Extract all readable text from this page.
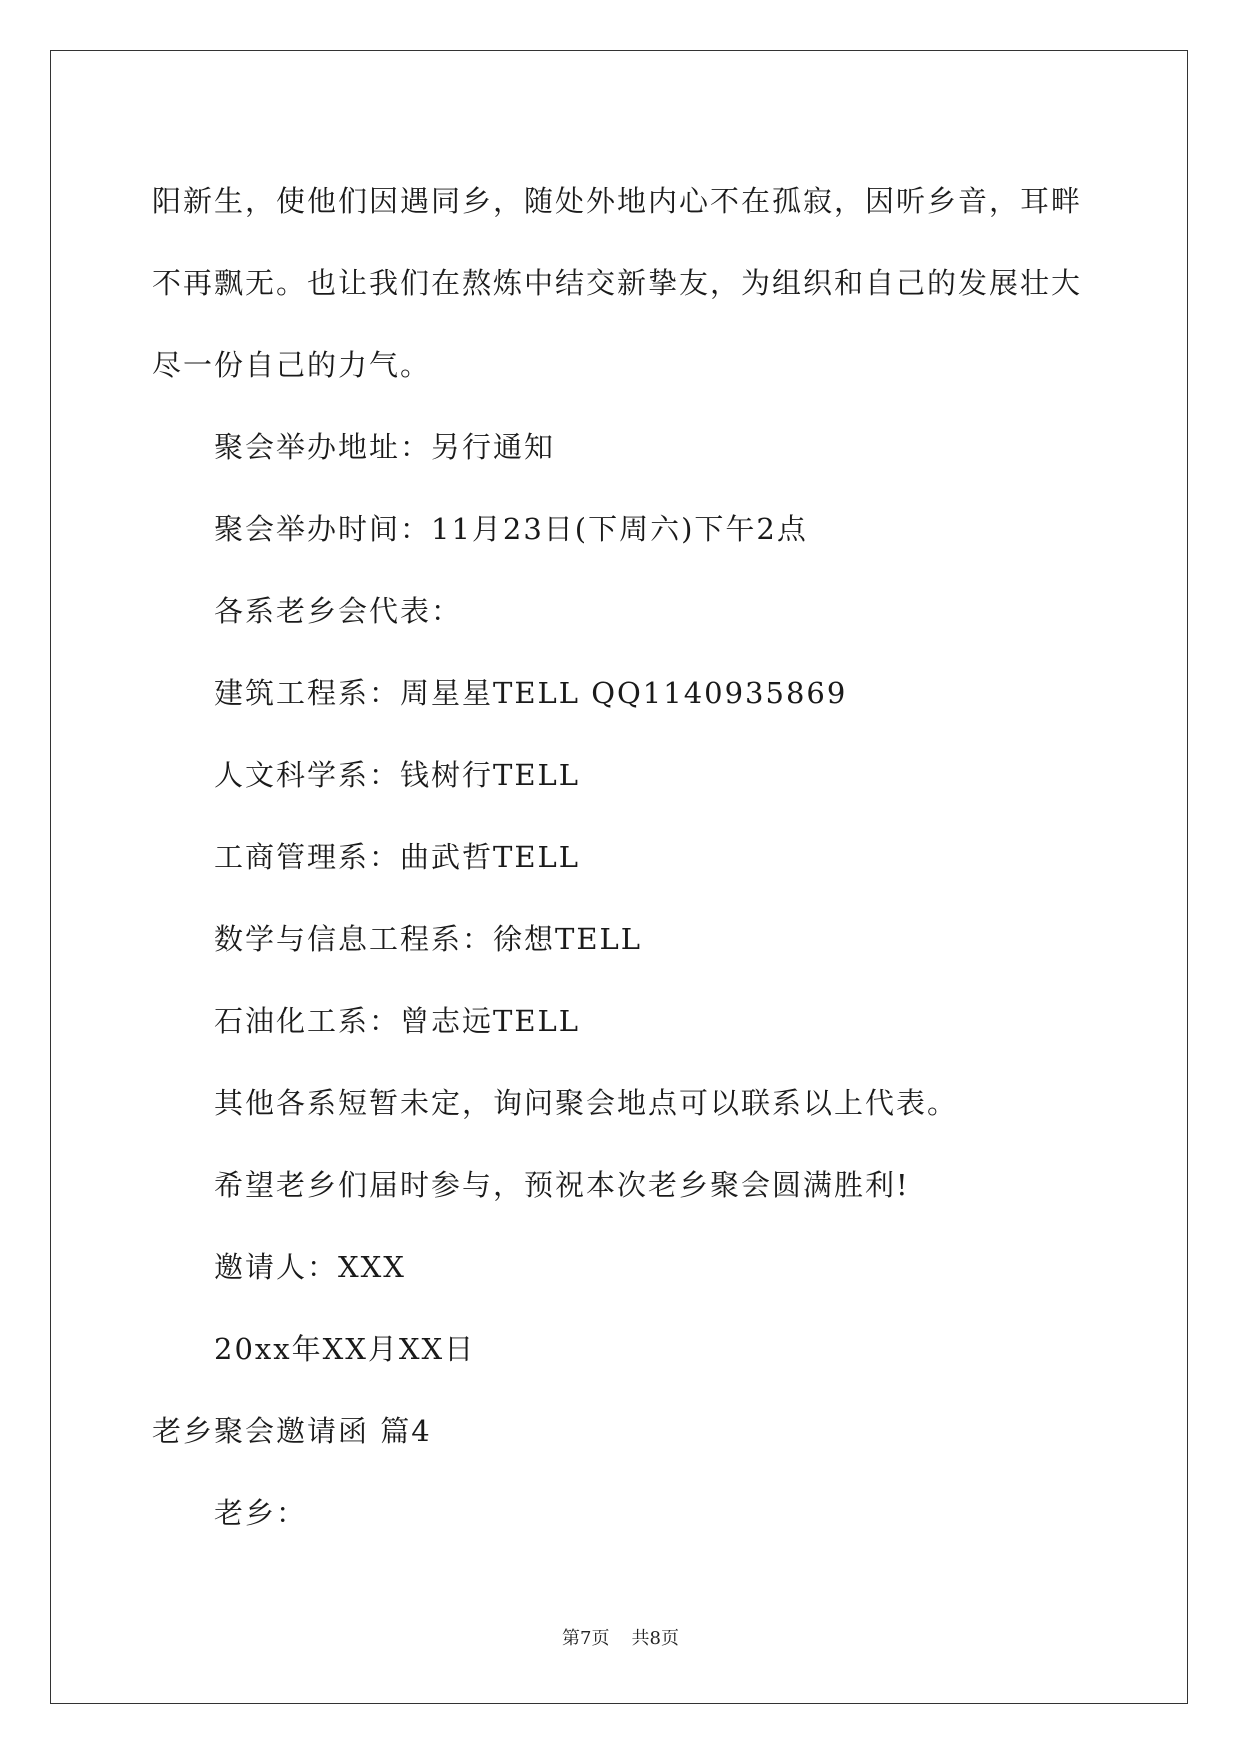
阳新生，使他们因遇同乡，随处外地内心不在孤寂，因听乡音，耳畔
不再飘无。也让我们在熬炼中结交新挚友，为组织和自己的发展壮大
尽一份自己的力气。
聚会举办地址：另行通知
聚会举办时间：11月23日(下周六)下午2点
各系老乡会代表：
建筑工程系：周星星TELL QQ1140935869
人文科学系：钱树行TELL
工商管理系：曲武哲TELL
数学与信息工程系：徐想TELL
石油化工系：曾志远TELL
其他各系短暂未定，询问聚会地点可以联系以上代表。
希望老乡们届时参与，预祝本次老乡聚会圆满胜利!
邀请人：XXX
20xx年XX月XX日
老乡聚会邀请函 篇4
老乡：
第7页 共8页
